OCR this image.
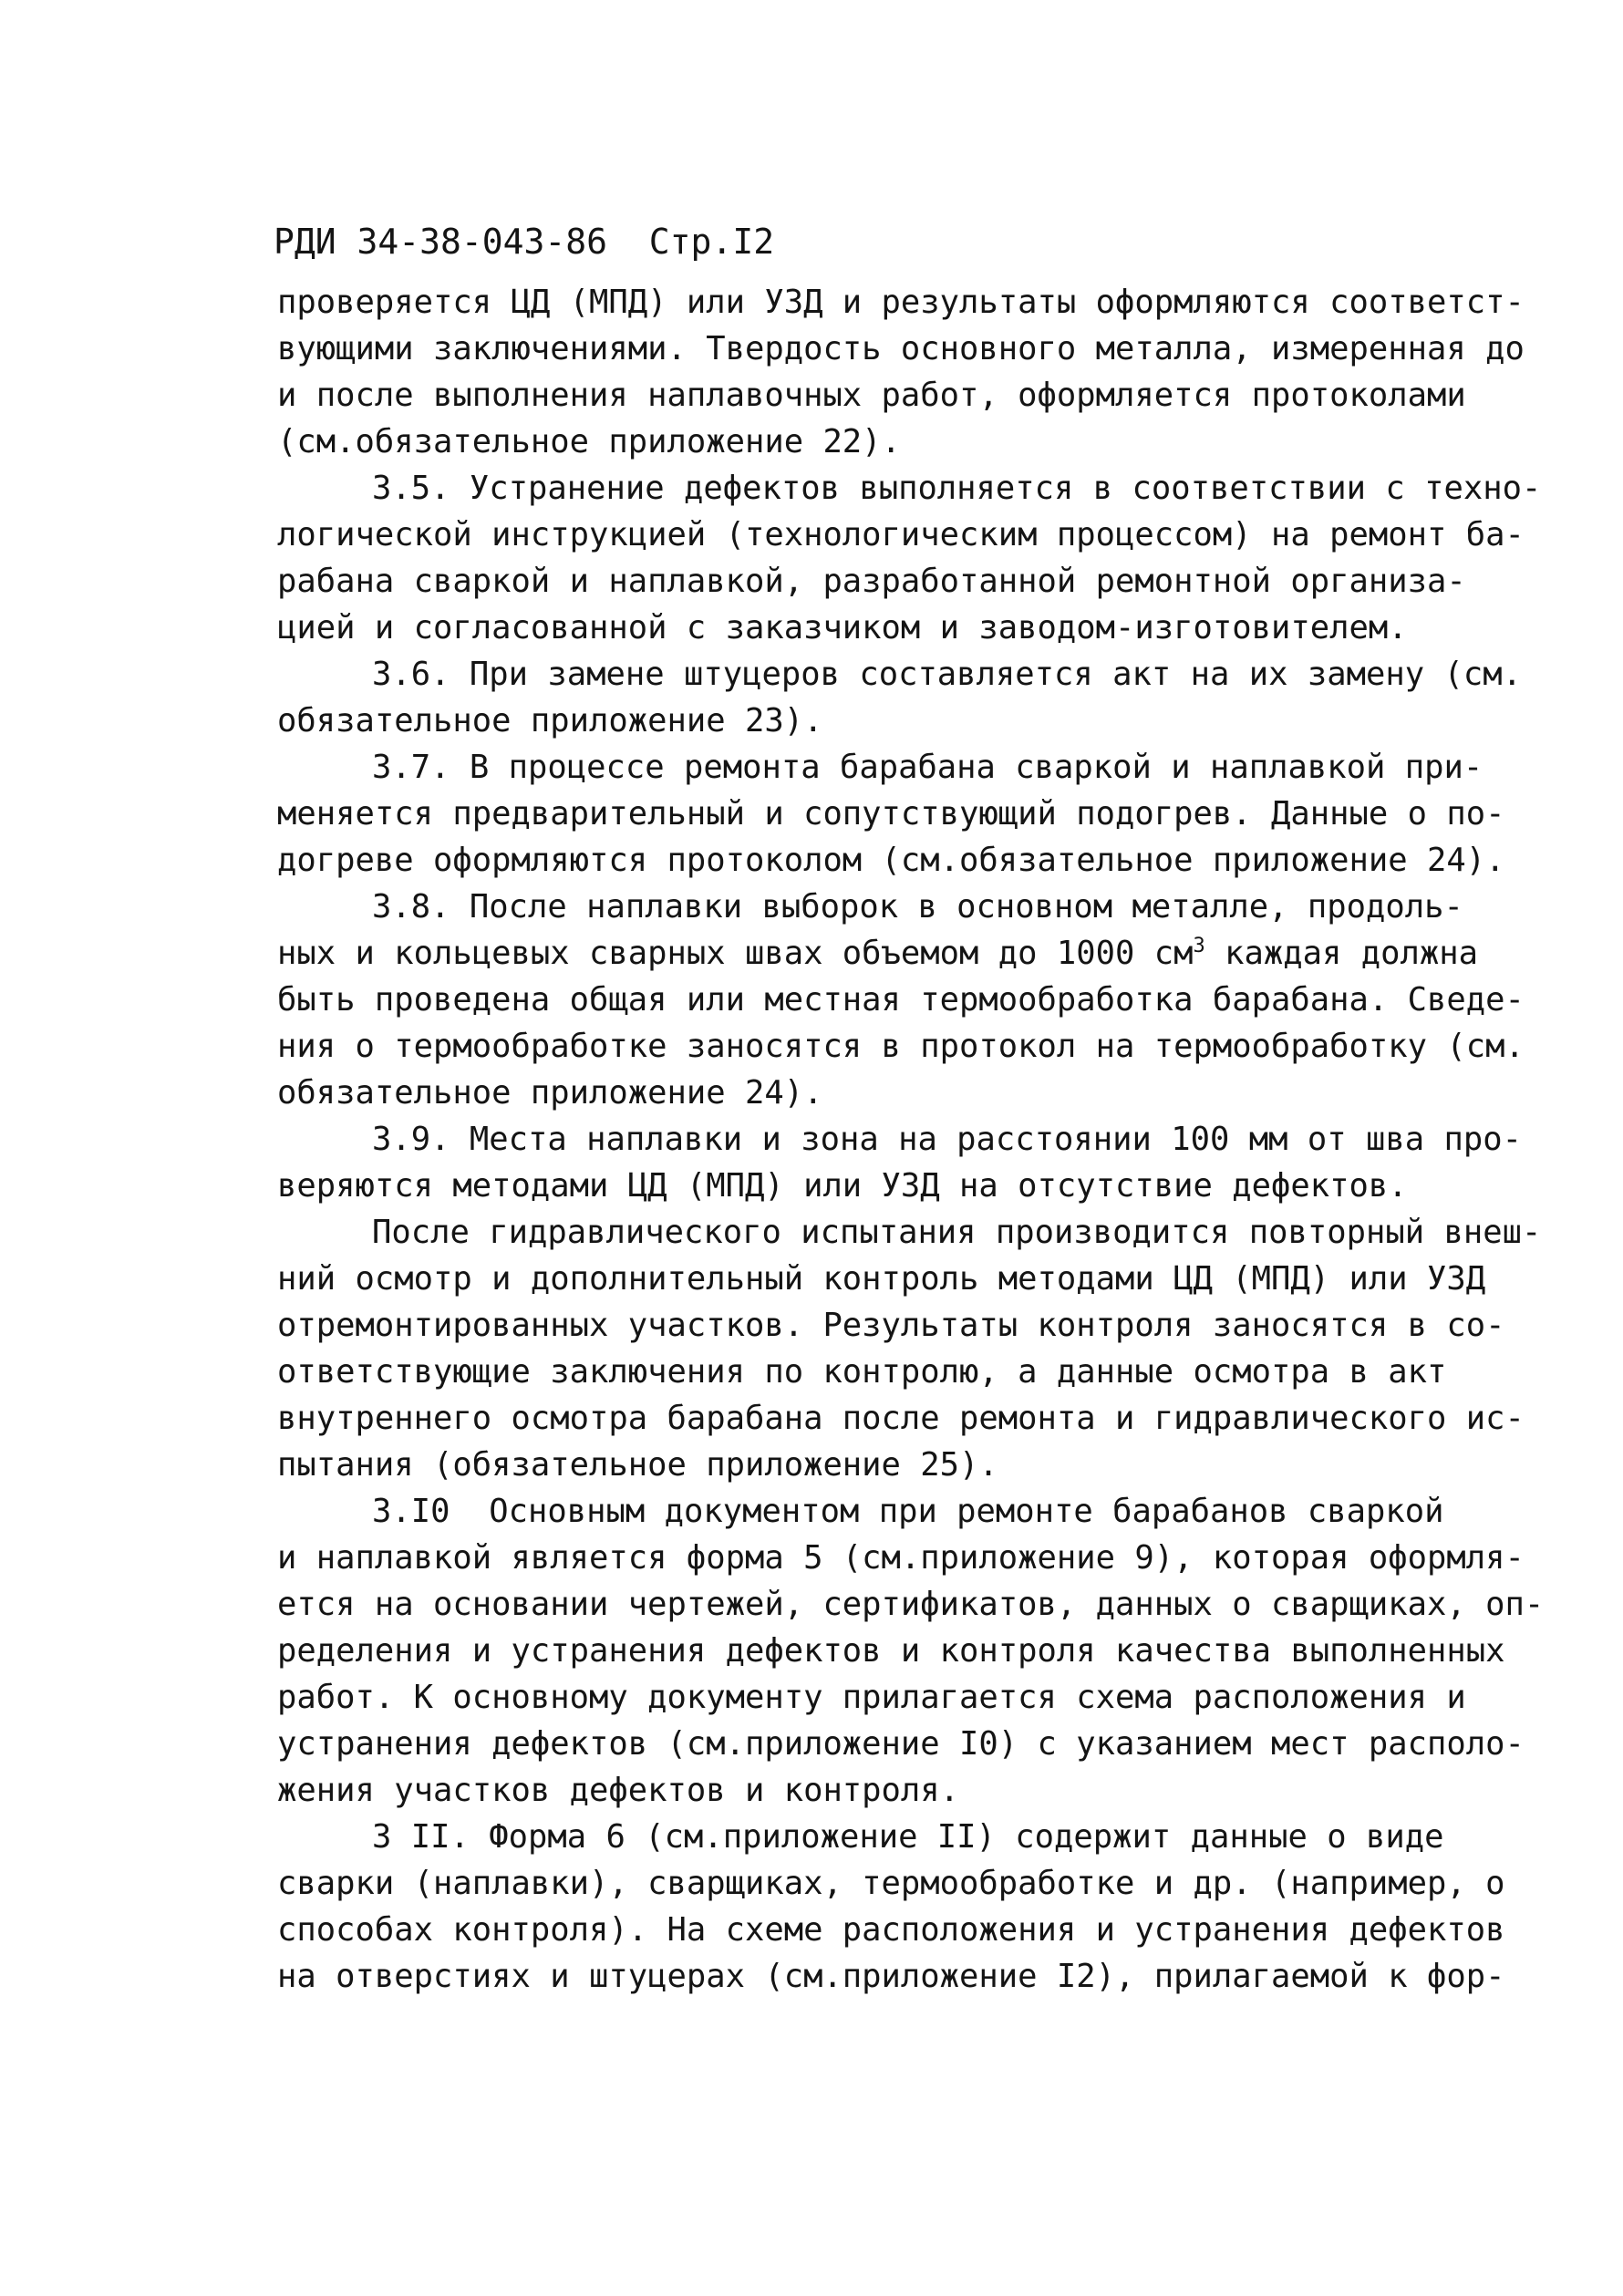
РДИ 34-38-043-86  Стр.I2
проверяется ЦД (МПД) или УЗД и результаты оформляются соответст-
вующими заключениями. Твердость основного металла, измеренная до
и после выполнения наплавочных работ, оформляется протоколами
(см.обязательное приложение 22).
3.5. Устранение дефектов выполняется в соответствии с техно-
логической инструкцией (технологическим процессом) на ремонт ба-
рабана сваркой и наплавкой, разработанной ремонтной организа-
цией и согласованной с заказчиком и заводом-изготовителем.
3.6. При замене штуцеров составляется акт на их замену (см.
обязательное приложение 23).
3.7. В процессе ремонта барабана сваркой и наплавкой при-
меняется предварительный и сопутствующий подогрев. Данные о по-
догреве оформляются протоколом (см.обязательное приложение 24).
3.8. После наплавки выборок в основном металле, продоль-
ных и кольцевых сварных швах объемом до 1000 $см^3$ каждая должна
быть проведена общая или местная термообработка барабана. Сведе-
ния о термообработке заносятся в протокол на термообработку (см.
обязательное приложение 24).
3.9. Места наплавки и зона на расстоянии 100 мм от шва про-
веряются методами ЦД (МПД) или УЗД на отсутствие дефектов.
После гидравлического испытания производится повторный внеш-
ний осмотр и дополнительный контроль методами ЦД (МПД) или УЗД
отремонтированных участков. Результаты контроля заносятся в со-
ответствующие заключения по контролю, а данные осмотра в акт
внутреннего осмотра барабана после ремонта и гидравлического ис-
пытания (обязательное приложение 25).
3.I0  Основным документом при ремонте барабанов сваркой
и наплавкой является форма 5 (см.приложение 9), которая оформля-
ется на основании чертежей, сертификатов, данных о сварщиках, оп-
ределения и устранения дефектов и контроля качества выполненных
работ. К основному документу прилагается схема расположения и
устранения дефектов (см.приложение I0) с указанием мест располо-
жения участков дефектов и контроля.
3 II. Форма 6 (см.приложение II) содержит данные о виде
сварки (наплавки), сварщиках, термообработке и др. (например, о
способах контроля). На схеме расположения и устранения дефектов
на отверстиях и штуцерах (см.приложение I2), прилагаемой к фор-
